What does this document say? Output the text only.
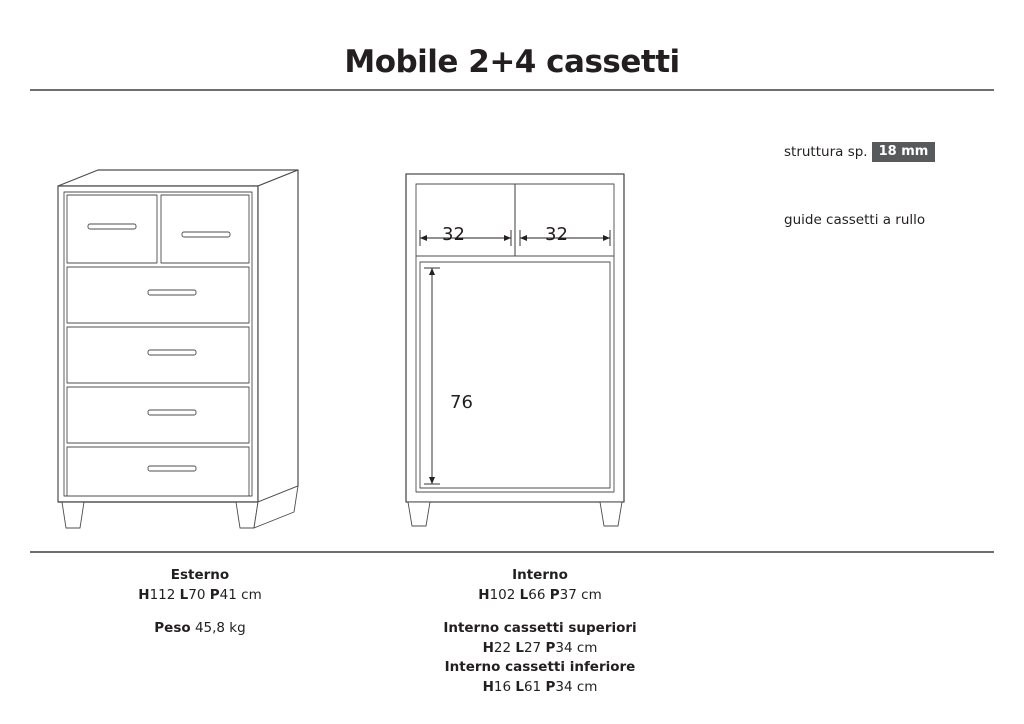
Mobile 2+4 cassetti
32	32
76
struttura sp. 18 mm
guide cassetti a rullo
Esterno
H112 L70 P41 cm
Peso 45,8 kg
Interno
H102 L66 P37 cm
Interno cassetti superiori
H22 L27 P34 cm
Interno cassetti inferiore
H16 L61 P34 cm
